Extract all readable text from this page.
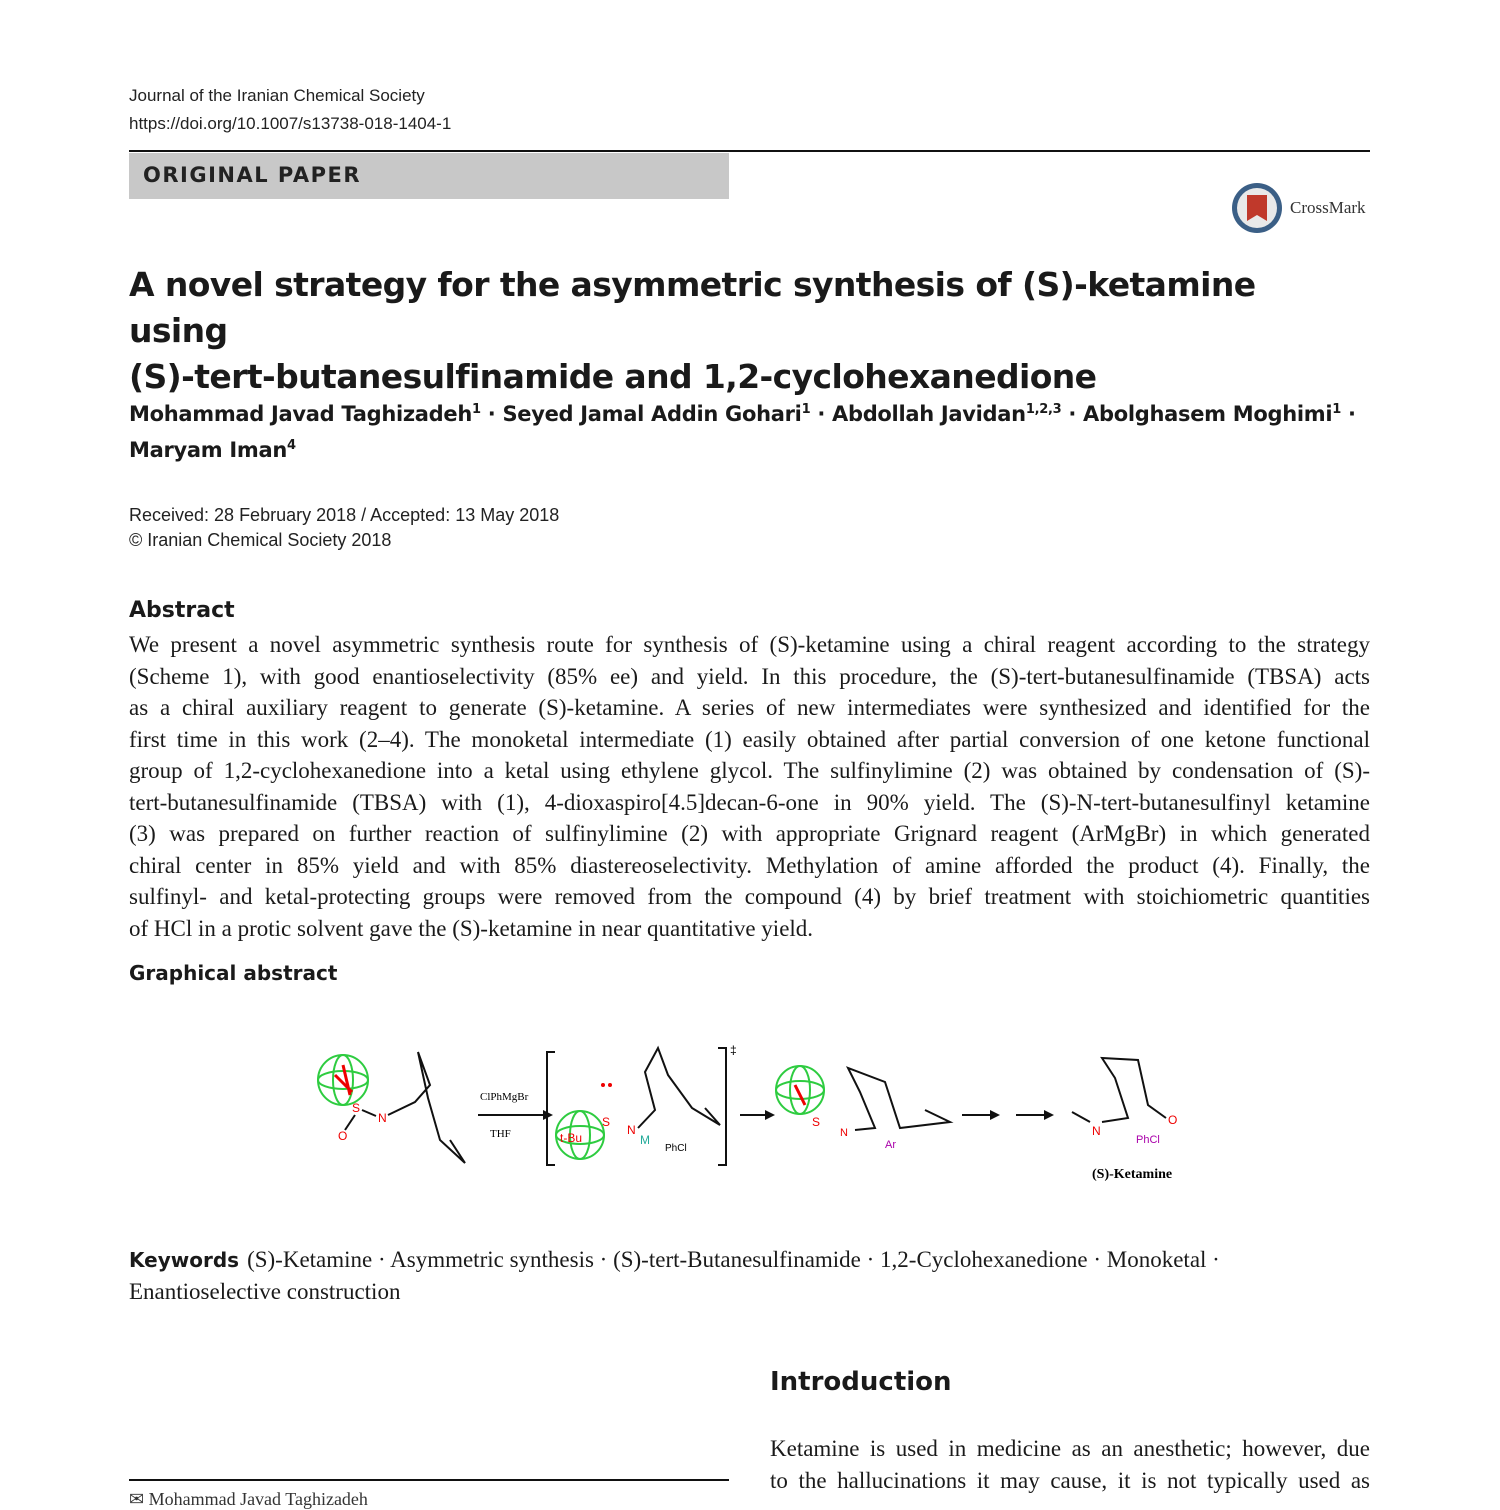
Journal of the Iranian Chemical Society
https://doi.org/10.1007/s13738-018-1404-1
ORIGINAL PAPER
CrossMark
A novel strategy for the asymmetric synthesis of (S)-ketamine using
(S)-tert-butanesulfinamide and 1,2-cyclohexanedione
Mohammad Javad Taghizadeh$^1$ · Seyed Jamal Addin Gohari$^1$ · Abdollah Javidan$^{1,2,3}$ · Abolghasem Moghimi$^1$ ·
Maryam Iman$^4$
Received: 28 February 2018 / Accepted: 13 May 2018
© Iranian Chemical Society 2018
Abstract
We present a novel asymmetric synthesis route for synthesis of (S)-ketamine using a chiral reagent according to the strategy
(Scheme 1), with good enantioselectivity (85% ee) and yield. In this procedure, the (S)-tert-butanesulfinamide (TBSA) acts
as a chiral auxiliary reagent to generate (S)-ketamine. A series of new intermediates were synthesized and identified for the
first time in this work (2–4). The monoketal intermediate (1) easily obtained after partial conversion of one ketone functional
group of 1,2-cyclohexanedione into a ketal using ethylene glycol. The sulfinylimine (2) was obtained by condensation of (S)-
tert-butanesulfinamide (TBSA) with (1), 4-dioxaspiro[4.5]decan-6-one in 90% yield. The (S)-N-tert-butanesulfinyl ketamine
(3) was prepared on further reaction of sulfinylimine (2) with appropriate Grignard reagent (ArMgBr) in which generated
chiral center in 85% yield and with 85% diastereoselectivity. Methylation of amine afforded the product (4). Finally, the
sulfinyl- and ketal-protecting groups were removed from the compound (4) by brief treatment with stoichiometric quantities
of HCl in a protic solvent gave the (S)-ketamine in near quantitative yield.
Graphical abstract
S
N
O
ClPhMgBr
THF
‡
t-Bu
S
N
M
PhCl
S
N
Ar
N
PhCl
O
(S)-Ketamine
Keywords (S)-Ketamine · Asymmetric synthesis · (S)-tert-Butanesulfinamide · 1,2-Cyclohexanedione · Monoketal ·
Enantioselective construction
Introduction
Ketamine is used in medicine as an anesthetic; however, due
to the hallucinations it may cause, it is not typically used as
✉ Mohammad Javad Taghizadeh
